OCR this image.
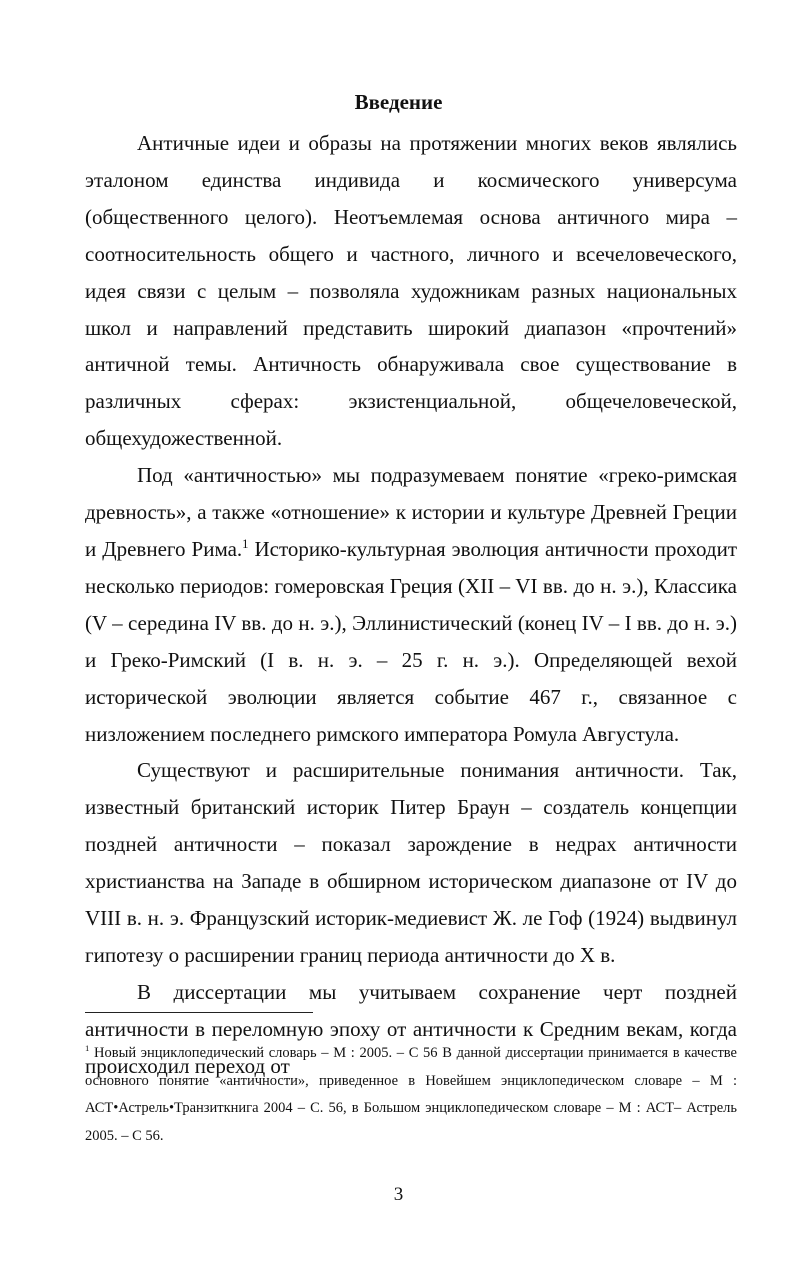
Введение

Античные идеи и образы на протяжении многих веков являлись эталоном единства индивида и космического универсума (общественного целого). Неотъемлемая основа античного мира – соотносительность общего и частного, личного и всечеловеческого, идея связи с целым – позволяла художникам разных национальных школ и направлений представить широкий диапазон «прочтений» античной темы. Античность обнаруживала свое существование в различных сферах: экзистенциальной, общечеловеческой, общехудожественной.

Под «античностью» мы подразумеваем понятие «греко-римская древность», а также «отношение» к истории и культуре Древней Греции и Древнего Рима.$^1$ Историко-культурная эволюция античности проходит несколько периодов: гомеровская Греция (XII – VI вв. до н. э.), Классика (V – середина IV вв. до н. э.), Эллинистический (конец IV – I вв. до н. э.) и Греко-Римский (I в. н. э. – 25 г. н. э.). Определяющей вехой исторической эволюции является событие 467 г., связанное с низложением последнего римского императора Ромула Августула.

Существуют и расширительные понимания античности. Так, известный британский историк Питер Браун – создатель концепции поздней античности – показал зарождение в недрах античности христианства на Западе в обширном историческом диапазоне от IV до VIII в. н. э. Французский историк-медиевист Ж. ле Гоф (1924) выдвинул гипотезу о расширении границ периода античности до X в.

В диссертации мы учитываем сохранение черт поздней античности в переломную эпоху от античности к Средним векам, когда происходил переход от

$^1$ Новый энциклопедический словарь – М : 2005. – С 56 В данной диссертации принимается в качестве основного понятие «античности», приведенное в Новейшем энциклопедическом словаре – М : АСТ•Астрель•Транзиткнига 2004 – С. 56, в Большом энциклопедическом словаре – М : АСТ– Астрель 2005. – С 56.
3
